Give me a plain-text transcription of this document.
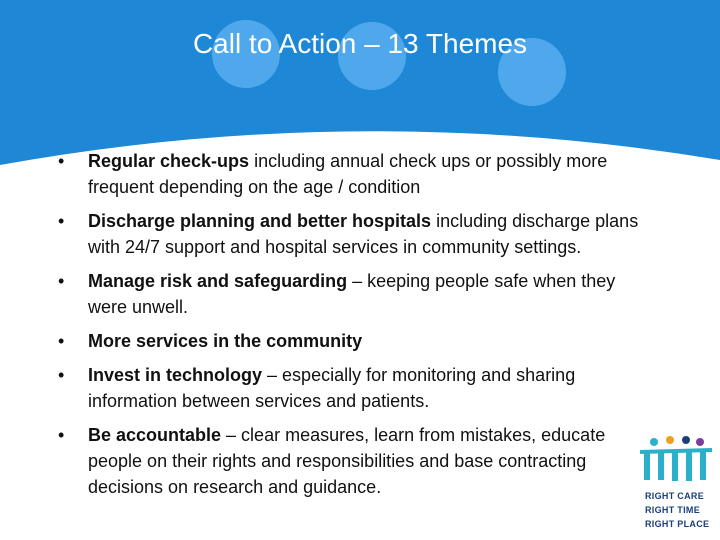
Call to Action – 13 Themes

•	Regular check-ups including annual check ups or possibly more frequent depending on the age / condition

•	Discharge planning and better hospitals including discharge plans with 24/7 support and hospital services in community settings.

•	Manage risk and safeguarding – keeping people safe when they were unwell.

•	More services in the community

•	Invest in technology – especially for monitoring and sharing information between services and patients.

•	Be accountable – clear measures, learn from mistakes, educate people on their rights and responsibilities and base contracting decisions on research and guidance.	RIGHT CARE
RIGHT TIME
RIGHT PLACE
